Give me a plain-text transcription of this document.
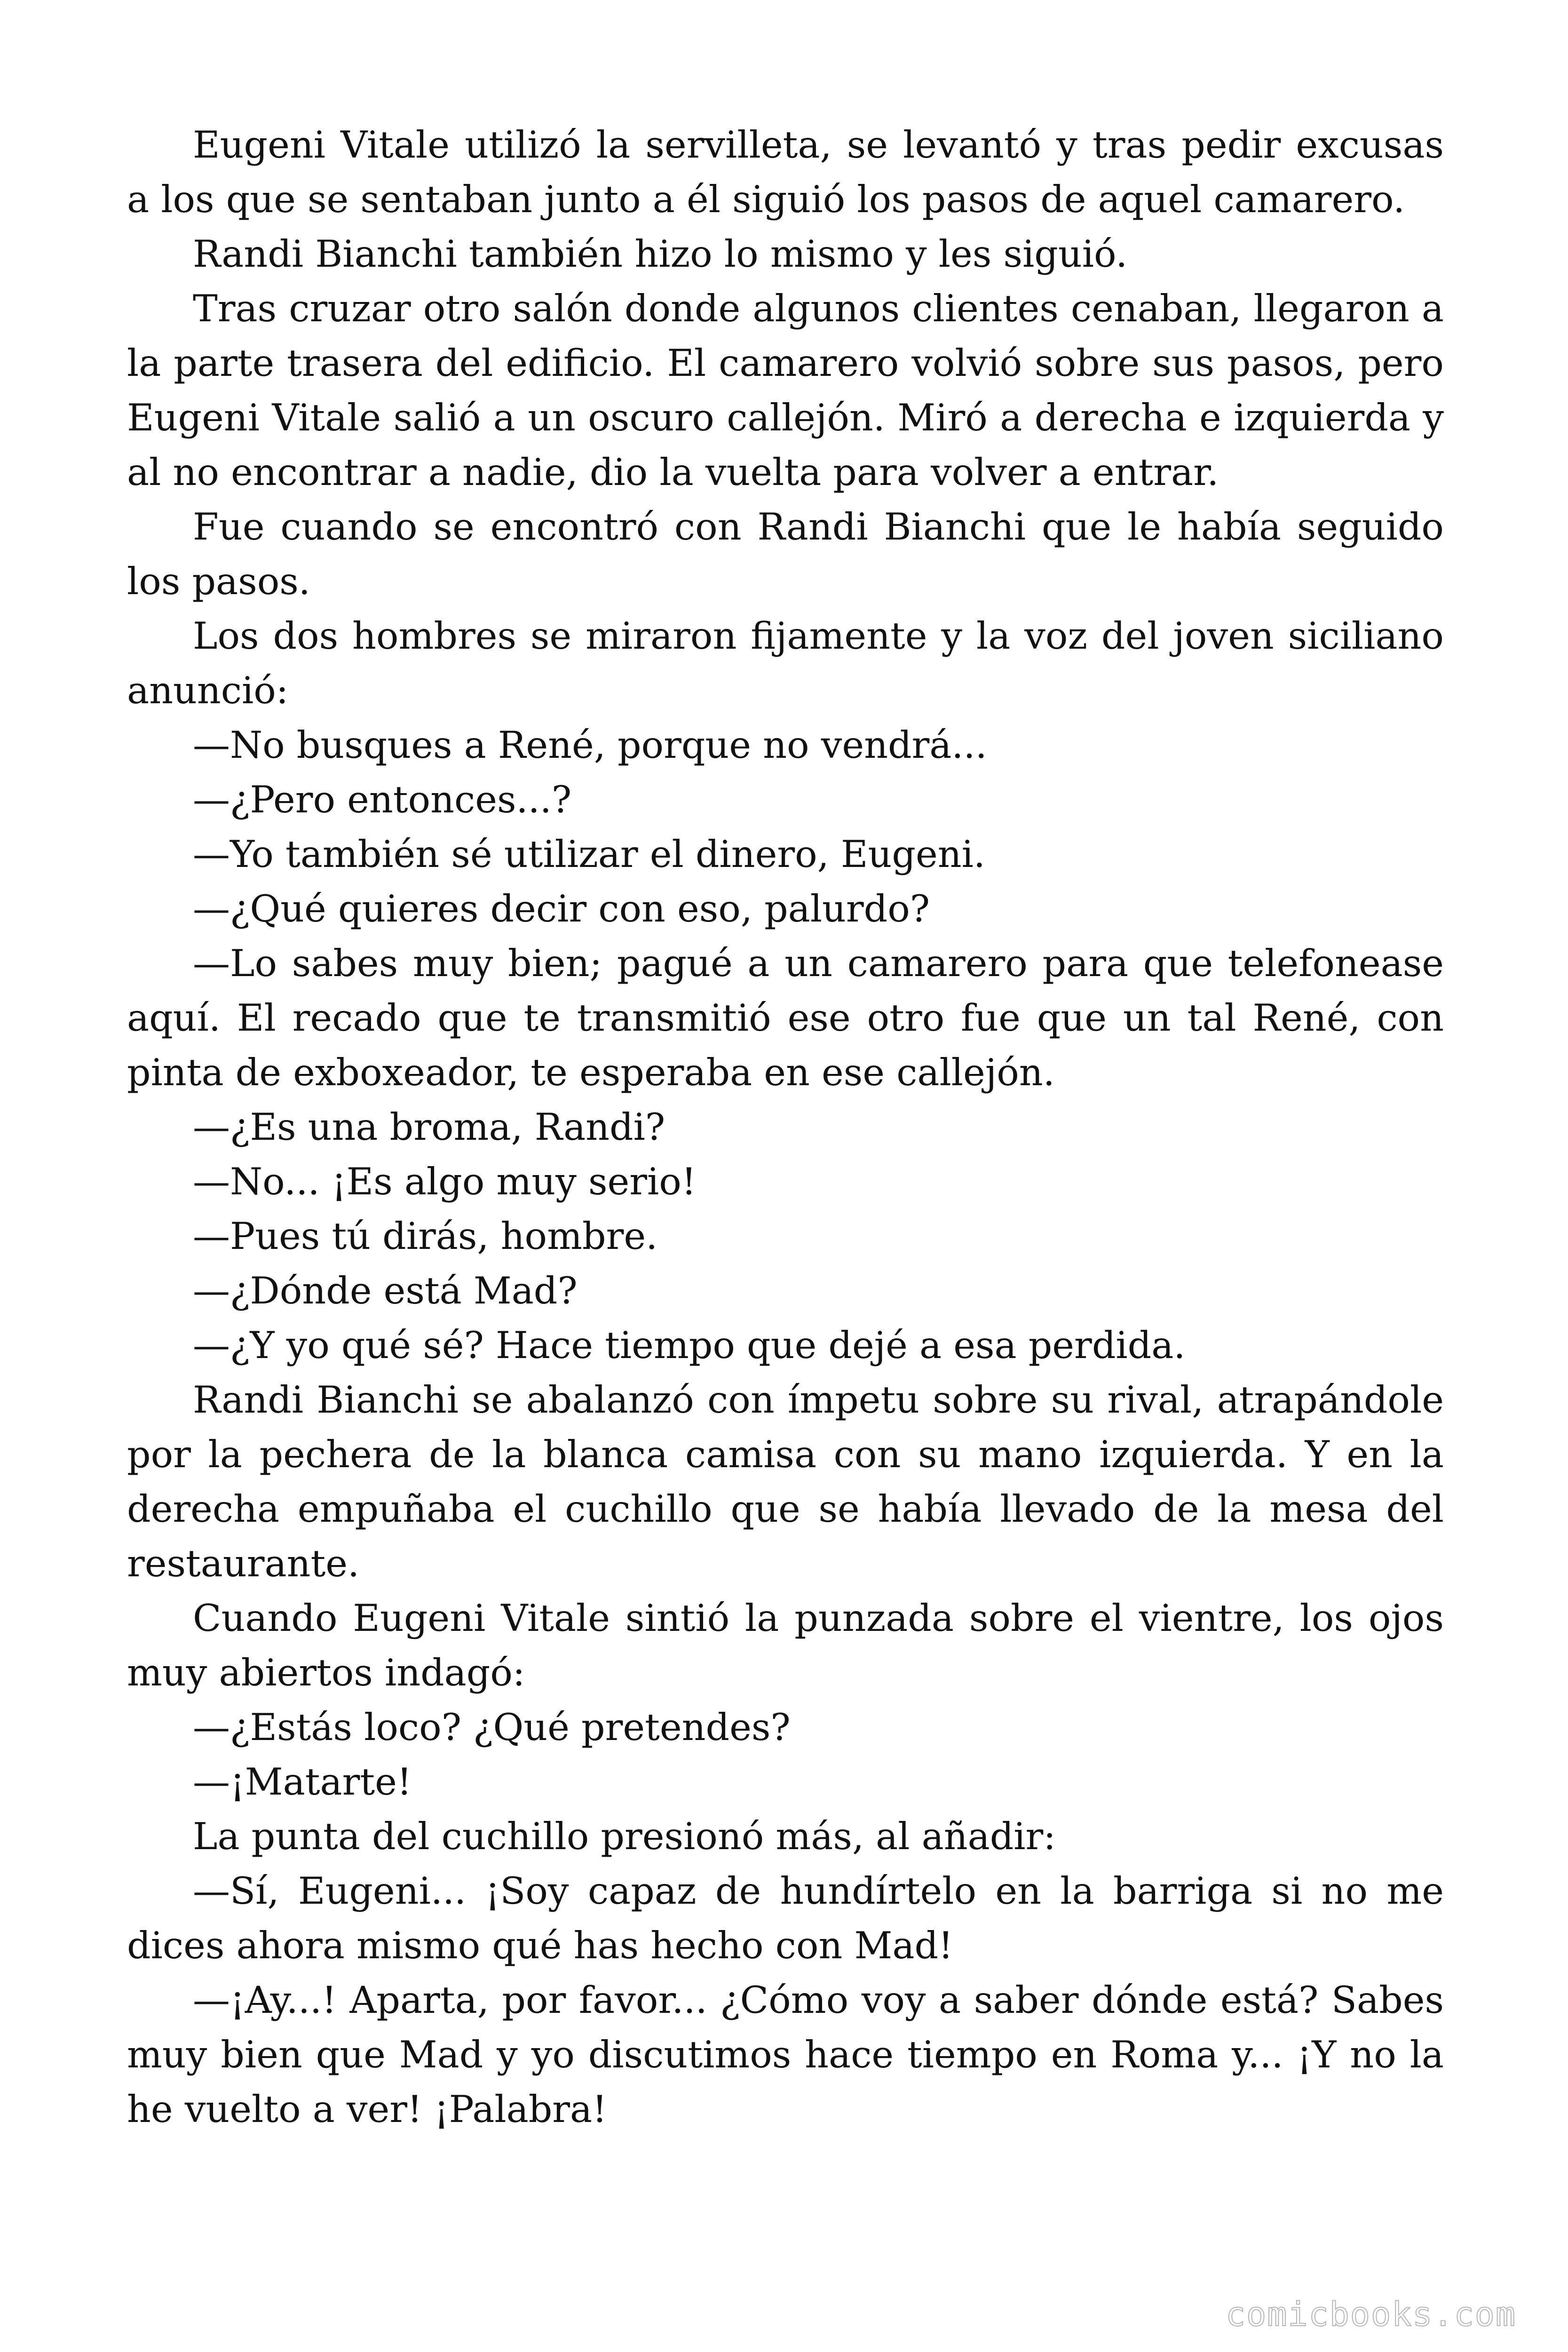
Eugeni Vitale utilizó la servilleta, se levantó y tras pedir excusas a los que se sentaban junto a él siguió los pasos de aquel camarero.

Randi Bianchi también hizo lo mismo y les siguió.

Tras cruzar otro salón donde algunos clientes cenaban, llegaron a la parte trasera del edificio. El camarero volvió sobre sus pasos, pero Eugeni Vitale salió a un oscuro callejón. Miró a derecha e izquierda y al no encontrar a nadie, dio la vuelta para volver a entrar.

Fue cuando se encontró con Randi Bianchi que le había seguido los pasos.

Los dos hombres se miraron fijamente y la voz del joven siciliano anunció:

—No busques a René, porque no vendrá...

—¿Pero entonces...?

—Yo también sé utilizar el dinero, Eugeni.

—¿Qué quieres decir con eso, palurdo?

—Lo sabes muy bien; pagué a un camarero para que telefonease aquí. El recado que te transmitió ese otro fue que un tal René, con pinta de exboxeador, te esperaba en ese callejón.

—¿Es una broma, Randi?

—No... ¡Es algo muy serio!

—Pues tú dirás, hombre.

—¿Dónde está Mad?

—¿Y yo qué sé? Hace tiempo que dejé a esa perdida.

Randi Bianchi se abalanzó con ímpetu sobre su rival, atrapándole por la pechera de la blanca camisa con su mano izquierda. Y en la derecha empuñaba el cuchillo que se había llevado de la mesa del restaurante.

Cuando Eugeni Vitale sintió la punzada sobre el vientre, los ojos muy abiertos indagó:

—¿Estás loco? ¿Qué pretendes?

—¡Matarte!

La punta del cuchillo presionó más, al añadir:

—Sí, Eugeni... ¡Soy capaz de hundírtelo en la barriga si no me dices ahora mismo qué has hecho con Mad!

—¡Ay...! Aparta, por favor... ¿Cómo voy a saber dónde está? Sabes muy bien que Mad y yo discutimos hace tiempo en Roma y... ¡Y no la he vuelto a ver! ¡Palabra!

comicbooks.com
